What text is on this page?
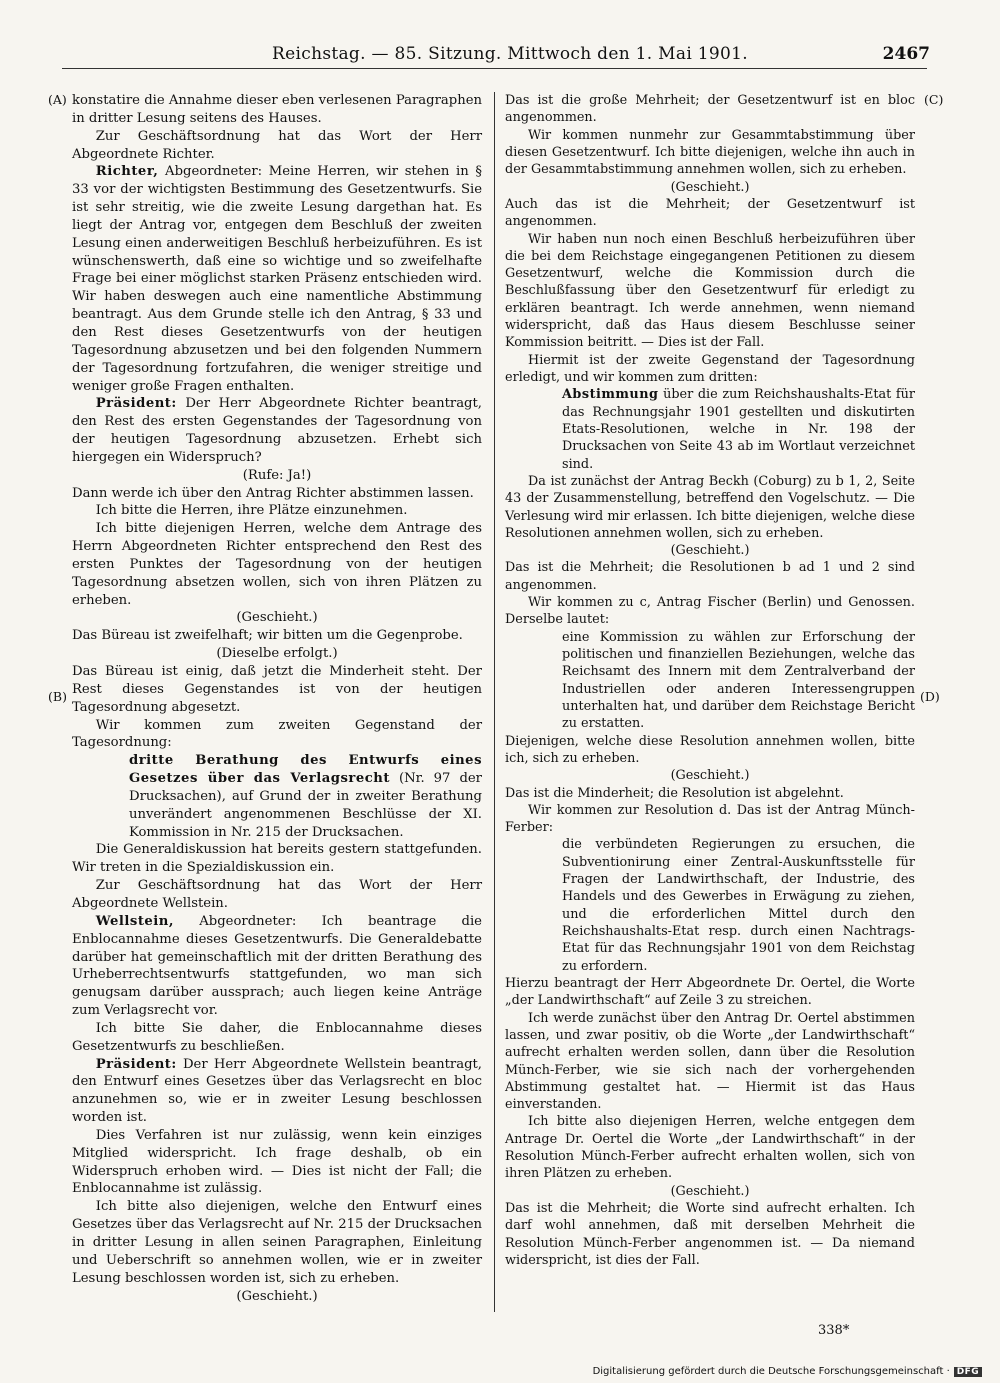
Reichstag. — 85. Sitzung. Mittwoch den 1. Mai 1901.	2467
(A)
(B)
(C)
(D)

konstatire die Annahme dieser eben verlesenen Paragraphen in dritter Lesung seitens des Hauses.

Zur Geschäftsordnung hat das Wort der Herr Abgeordnete Richter.

Richter, Abgeordneter: Meine Herren, wir stehen in § 33 vor der wichtigsten Bestimmung des Gesetzentwurfs. Sie ist sehr streitig, wie die zweite Lesung dargethan hat. Es liegt der Antrag vor, entgegen dem Beschluß der zweiten Lesung einen anderweitigen Beschluß herbeizuführen. Es ist wünschenswerth, daß eine so wichtige und so zweifelhafte Frage bei einer möglichst starken Präsenz entschieden wird. Wir haben deswegen auch eine namentliche Abstimmung beantragt. Aus dem Grunde stelle ich den Antrag, § 33 und den Rest dieses Gesetzentwurfs von der heutigen Tagesordnung abzusetzen und bei den folgenden Nummern der Tagesordnung fortzufahren, die weniger streitige und weniger große Fragen enthalten.

Präsident: Der Herr Abgeordnete Richter beantragt, den Rest des ersten Gegenstandes der Tagesordnung von der heutigen Tagesordnung abzusetzen. Erhebt sich hiergegen ein Widerspruch?

(Rufe: Ja!)

Dann werde ich über den Antrag Richter abstimmen lassen.

Ich bitte die Herren, ihre Plätze einzunehmen.

Ich bitte diejenigen Herren, welche dem Antrage des Herrn Abgeordneten Richter entsprechend den Rest des ersten Punktes der Tagesordnung von der heutigen Tagesordnung absetzen wollen, sich von ihren Plätzen zu erheben.

(Geschieht.)

Das Büreau ist zweifelhaft; wir bitten um die Gegenprobe.

(Dieselbe erfolgt.)

Das Büreau ist einig, daß jetzt die Minderheit steht. Der Rest dieses Gegenstandes ist von der heutigen Tagesordnung abgesetzt.

Wir kommen zum zweiten Gegenstand der Tagesordnung:

dritte Berathung des Entwurfs eines Gesetzes über das Verlagsrecht (Nr. 97 der Drucksachen), auf Grund der in zweiter Berathung unverändert angenommenen Beschlüsse der XI. Kommission in Nr. 215 der Drucksachen.

Die Generaldiskussion hat bereits gestern stattgefunden. Wir treten in die Spezialdiskussion ein.

Zur Geschäftsordnung hat das Wort der Herr Abgeordnete Wellstein.

Wellstein, Abgeordneter: Ich beantrage die Enblocannahme dieses Gesetzentwurfs. Die Generaldebatte darüber hat gemeinschaftlich mit der dritten Berathung des Urheberrechtsentwurfs stattgefunden, wo man sich genugsam darüber aussprach; auch liegen keine Anträge zum Verlagsrecht vor.

Ich bitte Sie daher, die Enblocannahme dieses Gesetzentwurfs zu beschließen.

Präsident: Der Herr Abgeordnete Wellstein beantragt, den Entwurf eines Gesetzes über das Verlagsrecht en bloc anzunehmen so, wie er in zweiter Lesung beschlossen worden ist.

Dies Verfahren ist nur zulässig, wenn kein einziges Mitglied widerspricht. Ich frage deshalb, ob ein Widerspruch erhoben wird. — Dies ist nicht der Fall; die Enblocannahme ist zulässig.

Ich bitte also diejenigen, welche den Entwurf eines Gesetzes über das Verlagsrecht auf Nr. 215 der Drucksachen in dritter Lesung in allen seinen Paragraphen, Einleitung und Ueberschrift so annehmen wollen, wie er in zweiter Lesung beschlossen worden ist, sich zu erheben.

(Geschieht.)

Das ist die große Mehrheit; der Gesetzentwurf ist en bloc angenommen.

Wir kommen nunmehr zur Gesammtabstimmung über diesen Gesetzentwurf. Ich bitte diejenigen, welche ihn auch in der Gesammtabstimmung annehmen wollen, sich zu erheben.

(Geschieht.)

Auch das ist die Mehrheit; der Gesetzentwurf ist angenommen.

Wir haben nun noch einen Beschluß herbeizuführen über die bei dem Reichstage eingegangenen Petitionen zu diesem Gesetzentwurf, welche die Kommission durch die Beschlußfassung über den Gesetzentwurf für erledigt zu erklären beantragt. Ich werde annehmen, wenn niemand widerspricht, daß das Haus diesem Beschlusse seiner Kommission beitritt. — Dies ist der Fall.

Hiermit ist der zweite Gegenstand der Tagesordnung erledigt, und wir kommen zum dritten:

Abstimmung über die zum Reichshaushalts-Etat für das Rechnungsjahr 1901 gestellten und diskutirten Etats-Resolutionen, welche in Nr. 198 der Drucksachen von Seite 43 ab im Wortlaut verzeichnet sind.

Da ist zunächst der Antrag Beckh (Coburg) zu b 1, 2, Seite 43 der Zusammenstellung, betreffend den Vogelschutz. — Die Verlesung wird mir erlassen. Ich bitte diejenigen, welche diese Resolutionen annehmen wollen, sich zu erheben.

(Geschieht.)

Das ist die Mehrheit; die Resolutionen b ad 1 und 2 sind angenommen.

Wir kommen zu c, Antrag Fischer (Berlin) und Genossen. Derselbe lautet:

eine Kommission zu wählen zur Erforschung der politischen und finanziellen Beziehungen, welche das Reichsamt des Innern mit dem Zentralverband der Industriellen oder anderen Interessengruppen unterhalten hat, und darüber dem Reichstage Bericht zu erstatten.

Diejenigen, welche diese Resolution annehmen wollen, bitte ich, sich zu erheben.

(Geschieht.)

Das ist die Minderheit; die Resolution ist abgelehnt.

Wir kommen zur Resolution d. Das ist der Antrag Münch-Ferber:

die verbündeten Regierungen zu ersuchen, die Subventionirung einer Zentral-Auskunftsstelle für Fragen der Landwirthschaft, der Industrie, des Handels und des Gewerbes in Erwägung zu ziehen, und die erforderlichen Mittel durch den Reichshaushalts-Etat resp. durch einen Nachtrags-Etat für das Rechnungsjahr 1901 von dem Reichstag zu erfordern.

Hierzu beantragt der Herr Abgeordnete Dr. Oertel, die Worte „der Landwirthschaft“ auf Zeile 3 zu streichen.

Ich werde zunächst über den Antrag Dr. Oertel abstimmen lassen, und zwar positiv, ob die Worte „der Landwirthschaft“ aufrecht erhalten werden sollen, dann über die Resolution Münch-Ferber, wie sie sich nach der vorhergehenden Abstimmung gestaltet hat. — Hiermit ist das Haus einverstanden.

Ich bitte also diejenigen Herren, welche entgegen dem Antrage Dr. Oertel die Worte „der Landwirthschaft“ in der Resolution Münch-Ferber aufrecht erhalten wollen, sich von ihren Plätzen zu erheben.

(Geschieht.)

Das ist die Mehrheit; die Worte sind aufrecht erhalten. Ich darf wohl annehmen, daß mit derselben Mehrheit die Resolution Münch-Ferber angenommen ist. — Da niemand widerspricht, ist dies der Fall.

338*
Digitalisierung gefördert durch die Deutsche Forschungsgemeinschaft · DFG
